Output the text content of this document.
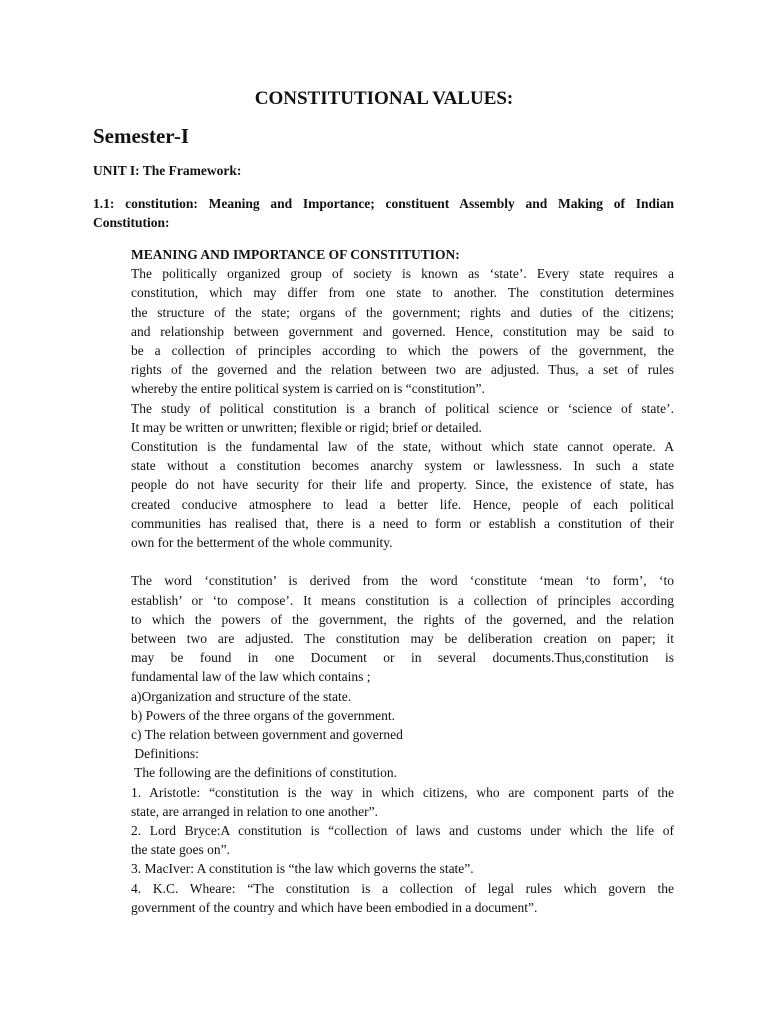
CONSTITUTIONAL VALUES:
Semester-I
UNIT I: The Framework:

1.1: constitution: Meaning and Importance; constituent Assembly and Making of Indian Constitution:

MEANING AND IMPORTANCE OF CONSTITUTION:
The politically organized group of society is known as ‘state’. Every state requires a
constitution, which may differ from one state to another. The constitution determines
the structure of the state; organs of the government; rights and duties of the citizens;
and relationship between government and governed. Hence, constitution may be said to
be a collection of principles according to which the powers of the government, the
rights of the governed and the relation between two are adjusted. Thus, a set of rules
whereby the entire political system is carried on is “constitution”.
The study of political constitution is a branch of political science or ‘science of state’.
It may be written or unwritten; flexible or rigid; brief or detailed.
Constitution is the fundamental law of the state, without which state cannot operate. A
state without a constitution becomes anarchy system or lawlessness. In such a state
people do not have security for their life and property. Since, the existence of state, has
created conducive atmosphere to lead a better life. Hence, people of each political
communities has realised that, there is a need to form or establish a constitution of their
own for the betterment of the whole community.
The word ‘constitution’ is derived from the word ‘constitute ‘mean ‘to form’, ‘to
establish’ or ‘to compose’. It means constitution is a collection of principles according
to which the powers of the government, the rights of the governed, and the relation
between two are adjusted. The constitution may be deliberation creation on paper; it
may be found in one Document or in several documents.Thus,constitution is
fundamental law of the law which contains ;
a)Organization and structure of the state.
b) Powers of the three organs of the government.
c) The relation between government and governed
Definitions:
The following are the definitions of constitution.
1. Aristotle: “constitution is the way in which citizens, who are component parts of the
state, are arranged in relation to one another”.
2. Lord Bryce:A constitution is “collection of laws and customs under which the life of
the state goes on”.
3. MacIver: A constitution is “the law which governs the state”.
4. K.C. Wheare: “The constitution is a collection of legal rules which govern the
government of the country and which have been embodied in a document”.
